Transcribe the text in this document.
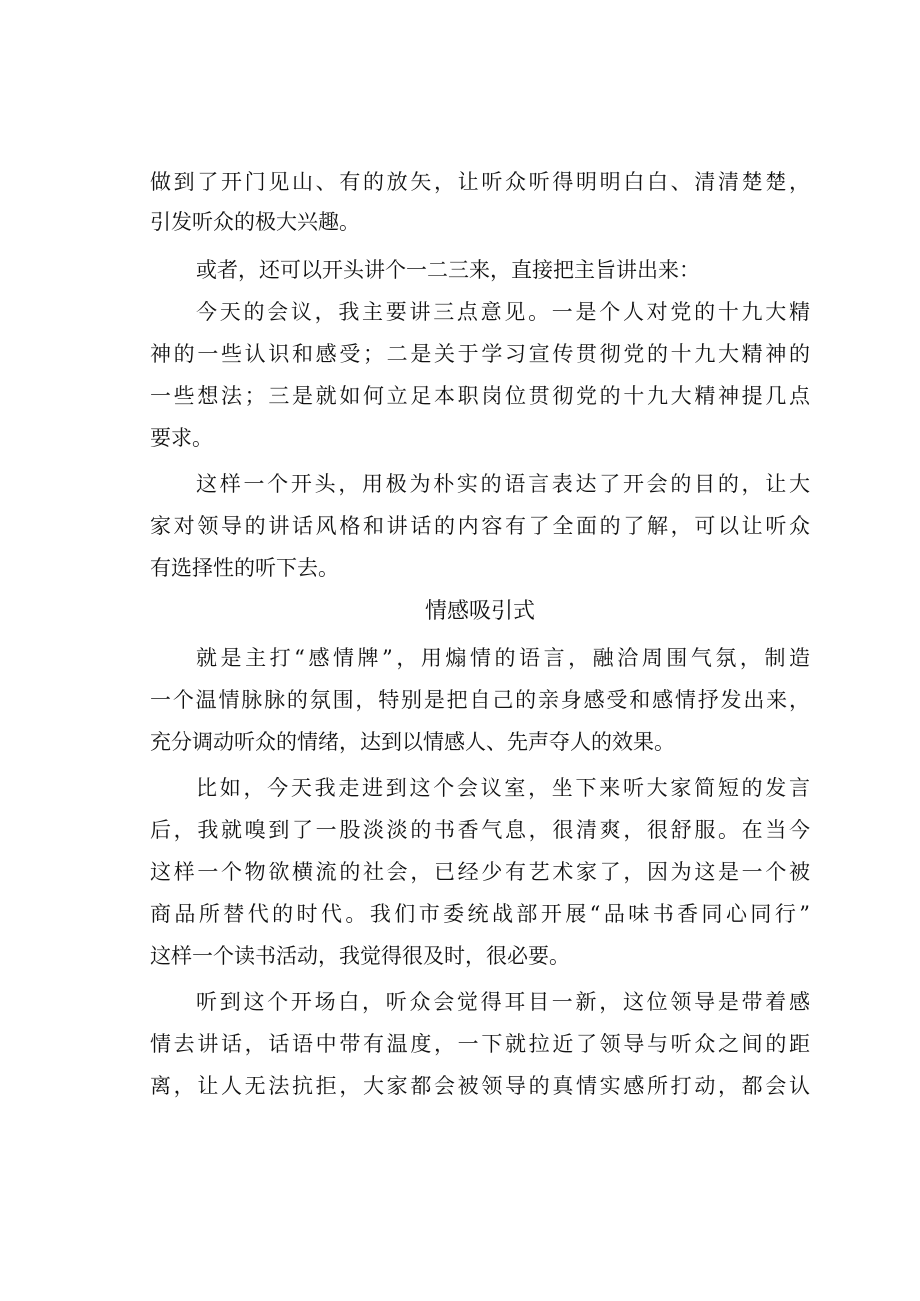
做到了开门见山、有的放矢，让听众听得明明白白、清清楚楚，
引发听众的极大兴趣。
或者，还可以开头讲个一二三来，直接把主旨讲出来：
今天的会议，我主要讲三点意见。一是个人对党的十九大精
神的一些认识和感受；二是关于学习宣传贯彻党的十九大精神的
一些想法；三是就如何立足本职岗位贯彻党的十九大精神提几点
要求。
这样一个开头，用极为朴实的语言表达了开会的目的，让大
家对领导的讲话风格和讲话的内容有了全面的了解，可以让听众
有选择性的听下去。
情感吸引式
就是主打“感情牌”，用煽情的语言，融洽周围气氛，制造
一个温情脉脉的氛围，特别是把自己的亲身感受和感情抒发出来，
充分调动听众的情绪，达到以情感人、先声夺人的效果。
比如，今天我走进到这个会议室，坐下来听大家简短的发言
后，我就嗅到了一股淡淡的书香气息，很清爽，很舒服。在当今
这样一个物欲横流的社会，已经少有艺术家了，因为这是一个被
商品所替代的时代。我们市委统战部开展“品味书香同心同行”
这样一个读书活动，我觉得很及时，很必要。
听到这个开场白，听众会觉得耳目一新，这位领导是带着感
情去讲话，话语中带有温度，一下就拉近了领导与听众之间的距
离，让人无法抗拒，大家都会被领导的真情实感所打动，都会认
